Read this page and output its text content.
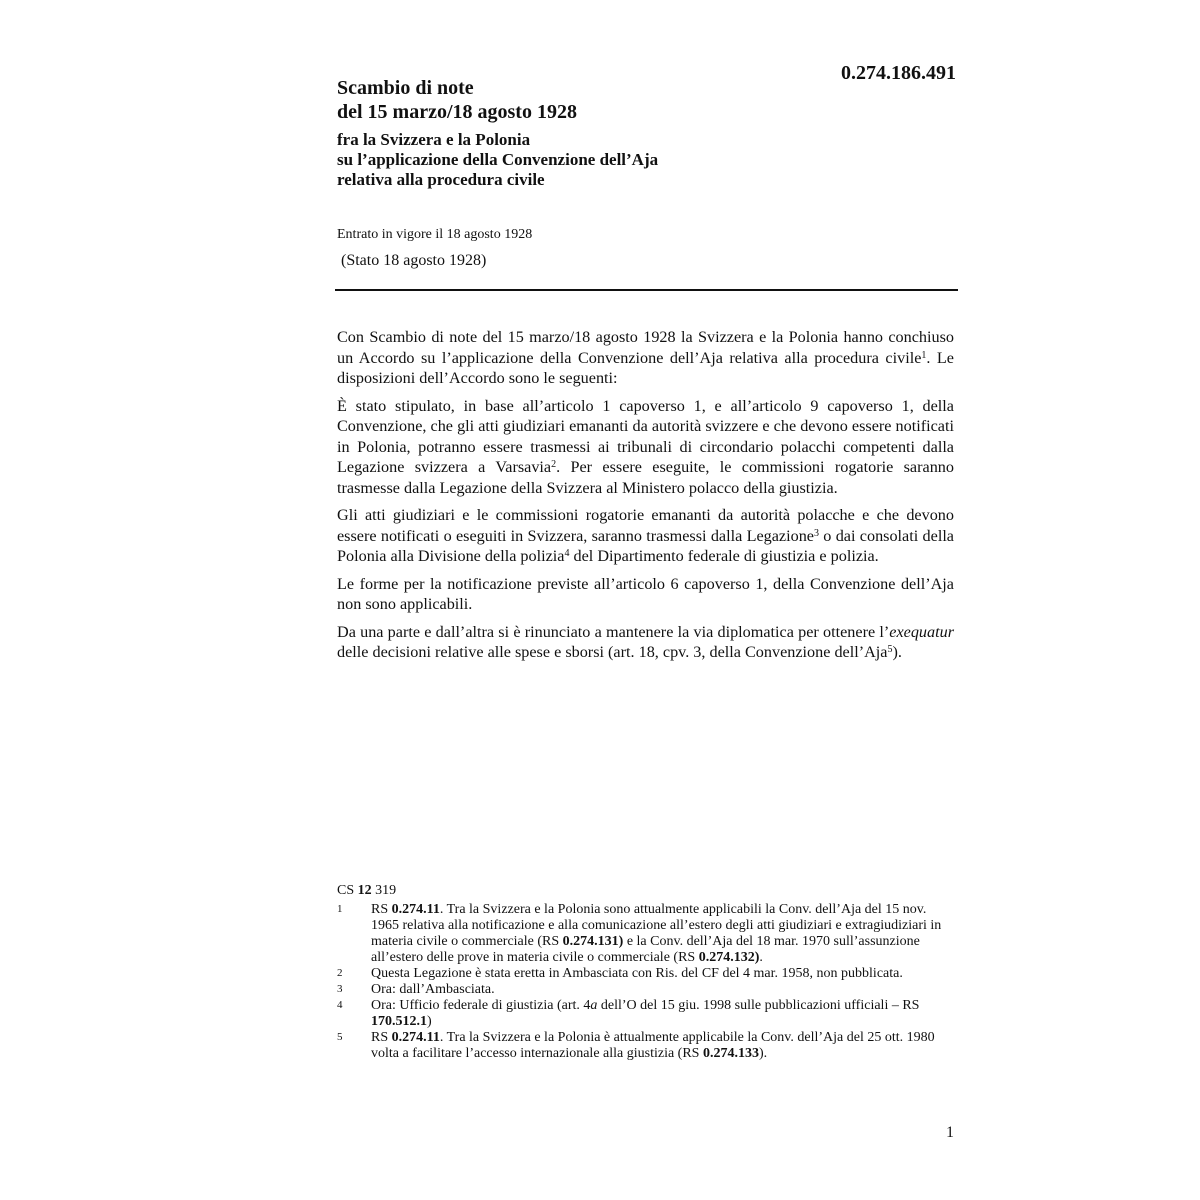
0.274.186.491
Scambio di note
del 15 marzo/18 agosto 1928
fra la Svizzera e la Polonia
su l’applicazione della Convenzione dell’Aja
relativa alla procedura civile
Entrato in vigore il 18 agosto 1928
(Stato 18 agosto 1928)

Con Scambio di note del 15 marzo/18 agosto 1928 la Svizzera e la Polonia hanno conchiuso un Accordo su l’applicazione della Convenzione dell’Aja relativa alla procedura civile$^1$. Le disposizioni dell’Accordo sono le seguenti:

È stato stipulato, in base all’articolo 1 capoverso 1, e all’articolo 9 capoverso 1, della Convenzione, che gli atti giudiziari emananti da autorità svizzere e che devono essere notificati in Polonia, potranno essere trasmessi ai tribunali di circondario polacchi competenti dalla Legazione svizzera a Varsavia$^2$. Per essere eseguite, le commissioni rogatorie saranno trasmesse dalla Legazione della Svizzera al Ministero polacco della giustizia.

Gli atti giudiziari e le commissioni rogatorie emananti da autorità polacche e che devono essere notificati o eseguiti in Svizzera, saranno trasmessi dalla Legazione$^3$ o dai consolati della Polonia alla Divisione della polizia$^4$ del Dipartimento federale di giustizia e polizia.

Le forme per la notificazione previste all’articolo 6 capoverso 1, della Convenzione dell’Aja non sono applicabili.

Da una parte e dall’altra si è rinunciato a mantenere la via diplomatica per ottenere l’exequatur delle decisioni relative alle spese e sborsi (art. 18, cpv. 3, della Convenzione dell’Aja$^5$).

CS 12 319
1	RS 0.274.11. Tra la Svizzera e la Polonia sono attualmente applicabili la Conv. dell’Aja del 15 nov. 1965 relativa alla notificazione e alla comunicazione all’estero degli atti giudiziari e extragiudiziari in materia civile o commerciale (RS 0.274.131) e la Conv. dell’Aja del 18 mar. 1970 sull’assunzione all’estero delle prove in materia civile o commerciale (RS 0.274.132).
2	Questa Legazione è stata eretta in Ambasciata con Ris. del CF del 4 mar. 1958, non pubblicata.
3	Ora: dall’Ambasciata.
4	Ora: Ufficio federale di giustizia (art. 4a dell’O del 15 giu. 1998 sulle pubblicazioni ufficiali – RS 170.512.1)
5	RS 0.274.11. Tra la Svizzera e la Polonia è attualmente applicabile la Conv. dell’Aja del 25 ott. 1980 volta a facilitare l’accesso internazionale alla giustizia (RS 0.274.133).
1
